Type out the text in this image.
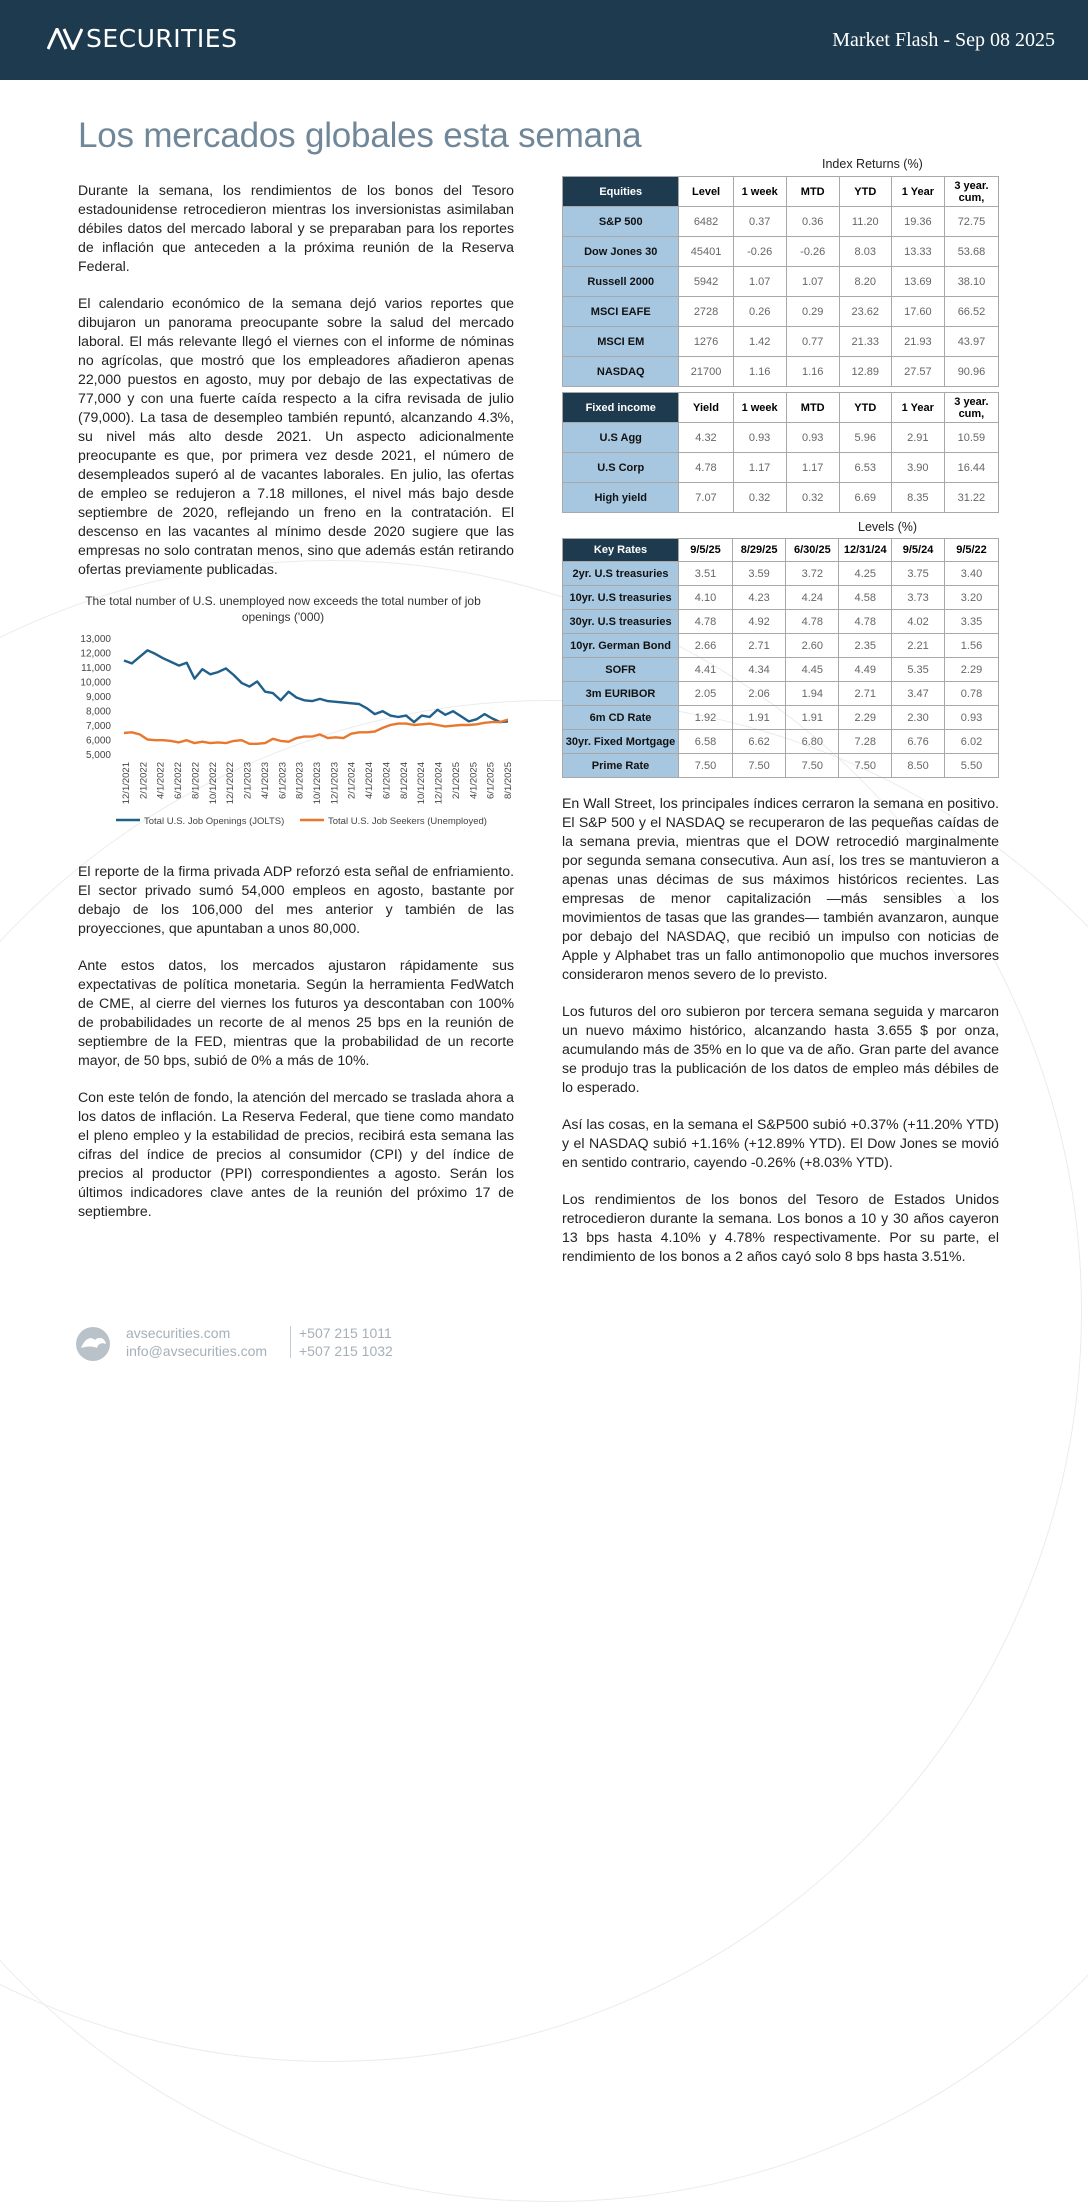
SECURITIES	Market Flash - Sep 08 2025
Los mercados globales esta semana

Durante la semana, los rendimientos de los bonos del Tesoro estadounidense retrocedieron mientras los inversionistas asimilaban débiles datos del mercado laboral y se preparaban para los reportes de inflación que anteceden a la próxima reunión de la Reserva Federal.

El calendario económico de la semana dejó varios reportes que dibujaron un panorama preocupante sobre la salud del mercado laboral. El más relevante llegó el viernes con el informe de nóminas no agrícolas, que mostró que los empleadores añadieron apenas 22,000 puestos en agosto, muy por debajo de las expectativas de 77,000 y con una fuerte caída respecto a la cifra revisada de julio (79,000). La tasa de desempleo también repuntó, alcanzando 4.3%, su nivel más alto desde 2021. Un aspecto adicionalmente preocupante es que, por primera vez desde 2021, el número de desempleados superó al de vacantes laborales. En julio, las ofertas de empleo se redujeron a 7.18 millones, el nivel más bajo desde septiembre de 2020, reflejando un freno en la contratación. El descenso en las vacantes al mínimo desde 2020 sugiere que las empresas no solo contratan menos, sino que además están retirando ofertas previamente publicadas.

The total number of U.S. unemployed now exceeds the total number of job openings ('000)
13,000
12,000
11,000
10,000
9,000
8,000
7,000
6,000
5,000
12/1/2021 2/1/2022 4/1/2022 6/1/2022 8/1/2022 10/1/2022 12/1/2022 2/1/2023 4/1/2023 6/1/2023 8/1/2023 10/1/2023 12/1/2023 2/1/2024 4/1/2024 6/1/2024 8/1/2024 10/1/2024 12/1/2024 2/1/2025 4/1/2025 6/1/2025 8/1/2025
Total U.S. Job Openings (JOLTS)	Total U.S. Job Seekers (Unemployed)

El reporte de la firma privada ADP reforzó esta señal de enfriamiento. El sector privado sumó 54,000 empleos en agosto, bastante por debajo de los 106,000 del mes anterior y también de las proyecciones, que apuntaban a unos 80,000.

Ante estos datos, los mercados ajustaron rápidamente sus expectativas de política monetaria. Según la herramienta FedWatch de CME, al cierre del viernes los futuros ya descontaban con 100% de probabilidades un recorte de al menos 25 bps en la reunión de septiembre de la FED, mientras que la probabilidad de un recorte mayor, de 50 bps, subió de 0% a más de 10%.

Con este telón de fondo, la atención del mercado se traslada ahora a los datos de inflación. La Reserva Federal, que tiene como mandato el pleno empleo y la estabilidad de precios, recibirá esta semana las cifras del índice de precios al consumidor (CPI) y del índice de precios al productor (PPI) correspondientes a agosto. Serán los últimos indicadores clave antes de la reunión del próximo 17 de septiembre.

Index Returns (%)
Equities	Level	1 week	MTD	YTD	1 Year	3 year. cum,
S&P 500	6482	0.37	0.36	11.20	19.36	72.75
Dow Jones 30	45401	-0.26	-0.26	8.03	13.33	53.68
Russell 2000	5942	1.07	1.07	8.20	13.69	38.10
MSCI EAFE	2728	0.26	0.29	23.62	17.60	66.52
MSCI EM	1276	1.42	0.77	21.33	21.93	43.97
NASDAQ	21700	1.16	1.16	12.89	27.57	90.96
Fixed income	Yield	1 week	MTD	YTD	1 Year	3 year. cum,
U.S Agg	4.32	0.93	0.93	5.96	2.91	10.59
U.S Corp	4.78	1.17	1.17	6.53	3.90	16.44
High yield	7.07	0.32	0.32	6.69	8.35	31.22
Levels (%)
Key Rates	9/5/25	8/29/25	6/30/25	12/31/24	9/5/24	9/5/22
2yr. U.S treasuries	3.51	3.59	3.72	4.25	3.75	3.40
10yr. U.S treasuries	4.10	4.23	4.24	4.58	3.73	3.20
30yr. U.S treasuries	4.78	4.92	4.78	4.78	4.02	3.35
10yr. German Bond	2.66	2.71	2.60	2.35	2.21	1.56
SOFR	4.41	4.34	4.45	4.49	5.35	2.29
3m EURIBOR	2.05	2.06	1.94	2.71	3.47	0.78
6m CD Rate	1.92	1.91	1.91	2.29	2.30	0.93
30yr. Fixed Mortgage	6.58	6.62	6.80	7.28	6.76	6.02
Prime Rate	7.50	7.50	7.50	7.50	8.50	5.50

En Wall Street, los principales índices cerraron la semana en positivo. El S&P 500 y el NASDAQ se recuperaron de las pequeñas caídas de la semana previa, mientras que el DOW retrocedió marginalmente por segunda semana consecutiva. Aun así, los tres se mantuvieron a apenas unas décimas de sus máximos históricos recientes. Las empresas de menor capitalización —más sensibles a los movimientos de tasas que las grandes— también avanzaron, aunque por debajo del NASDAQ, que recibió un impulso con noticias de Apple y Alphabet tras un fallo antimonopolio que muchos inversores consideraron menos severo de lo previsto.

Los futuros del oro subieron por tercera semana seguida y marcaron un nuevo máximo histórico, alcanzando hasta 3.655 $ por onza, acumulando más de 35% en lo que va de año. Gran parte del avance se produjo tras la publicación de los datos de empleo más débiles de lo esperado.

Así las cosas, en la semana el S&P500 subió +0.37% (+11.20% YTD) y el NASDAQ subió +1.16% (+12.89% YTD). El Dow Jones se movió en sentido contrario, cayendo -0.26% (+8.03% YTD).

Los rendimientos de los bonos del Tesoro de Estados Unidos retrocedieron durante la semana. Los bonos a 10 y 30 años cayeron 13 bps hasta 4.10% y 4.78% respectivamente. Por su parte, el rendimiento de los bonos a 2 años cayó solo 8 bps hasta 3.51%.

avsecurities.com
info@avsecurities.com
+507 215 1011
+507 215 1032
